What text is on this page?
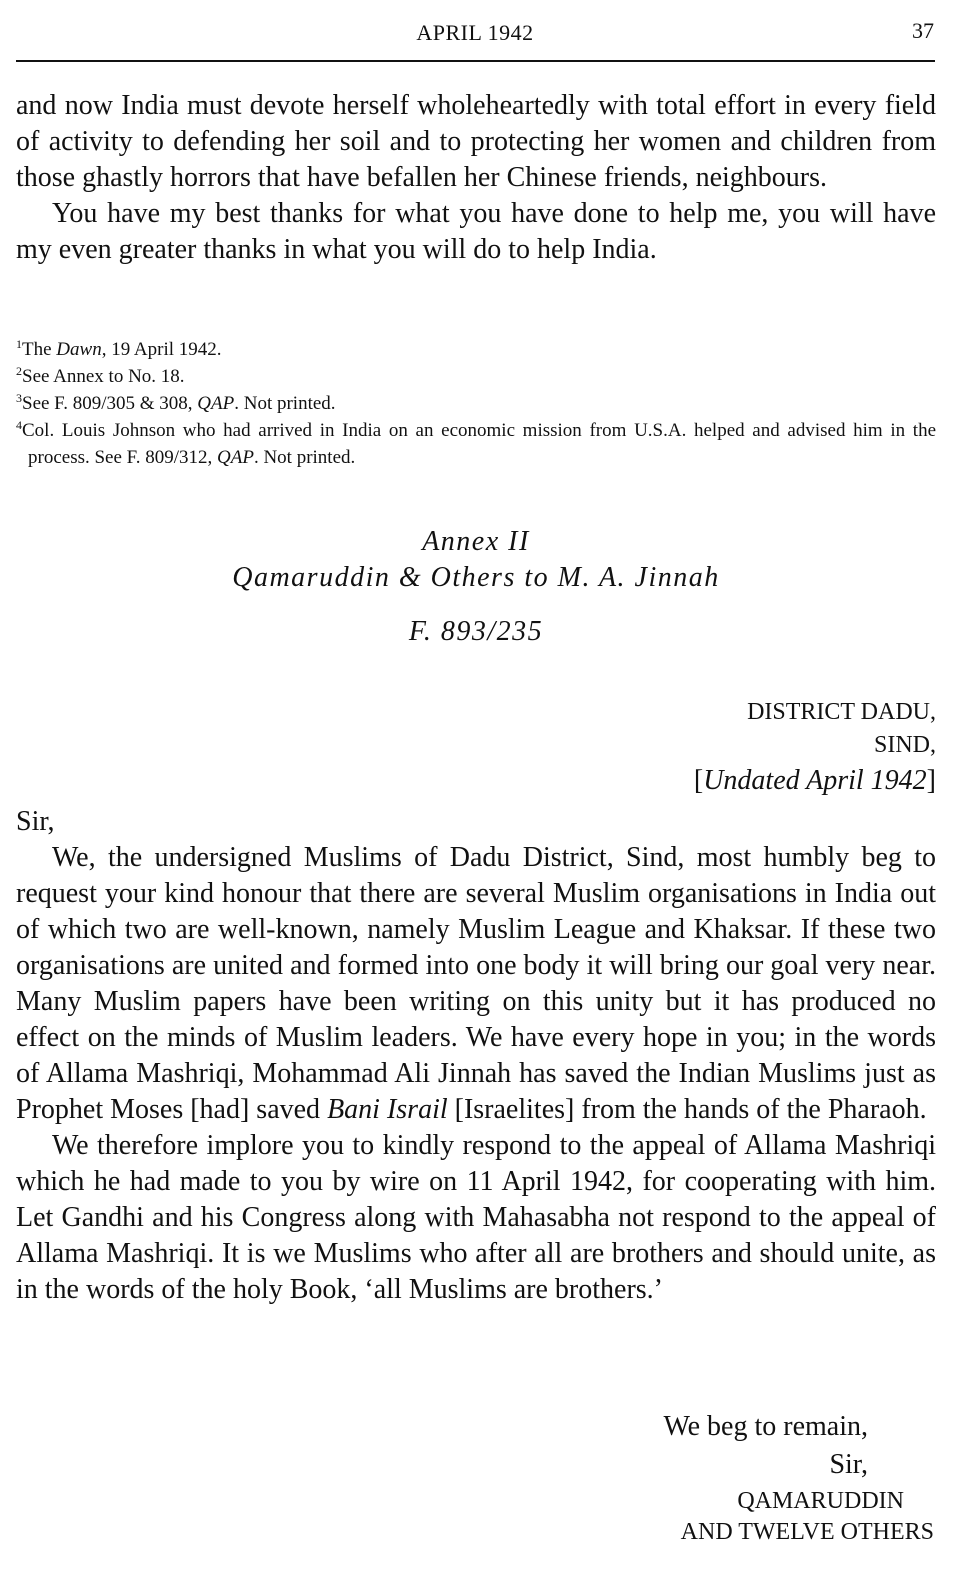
APRIL 1942	37

and now India must devote herself wholeheartedly with total effort in every field of activity to defending her soil and to protecting her women and children from those ghastly horrors that have befallen her Chinese friends, neighbours.

You have my best thanks for what you have done to help me, you will have my even greater thanks in what you will do to help India.

$^1$The Dawn, 19 April 1942.

$^2$See Annex to No. 18.

$^3$See F. 809/305 & 308, QAP. Not printed.

$^4$Col. Louis Johnson who had arrived in India on an economic mission from U.S.A. helped and advised him in the process. See F. 809/312, QAP. Not printed.

Annex II
Qamaruddin & Others to M. A. Jinnah
F. 893/235
DISTRICT DADU,
SIND,
[Undated April 1942]

Sir,

We, the undersigned Muslims of Dadu District, Sind, most humbly beg to request your kind honour that there are several Muslim organisations in India out of which two are well-known, namely Muslim League and Khaksar. If these two organisations are united and formed into one body it will bring our goal very near. Many Muslim papers have been writing on this unity but it has produced no effect on the minds of Muslim leaders. We have every hope in you; in the words of Allama Mashriqi, Mohammad Ali Jinnah has saved the Indian Muslims just as Prophet Moses [had] saved Bani Israil [Israelites] from the hands of the Pharaoh.

We therefore implore you to kindly respond to the appeal of Allama Mashriqi which he had made to you by wire on 11 April 1942, for cooperating with him. Let Gandhi and his Congress along with Mahasabha not respond to the appeal of Allama Mashriqi. It is we Muslims who after all are brothers and should unite, as in the words of the holy Book, ‘all Muslims are brothers.’

We beg to remain,
Sir,
QAMARUDDIN
AND TWELVE OTHERS
